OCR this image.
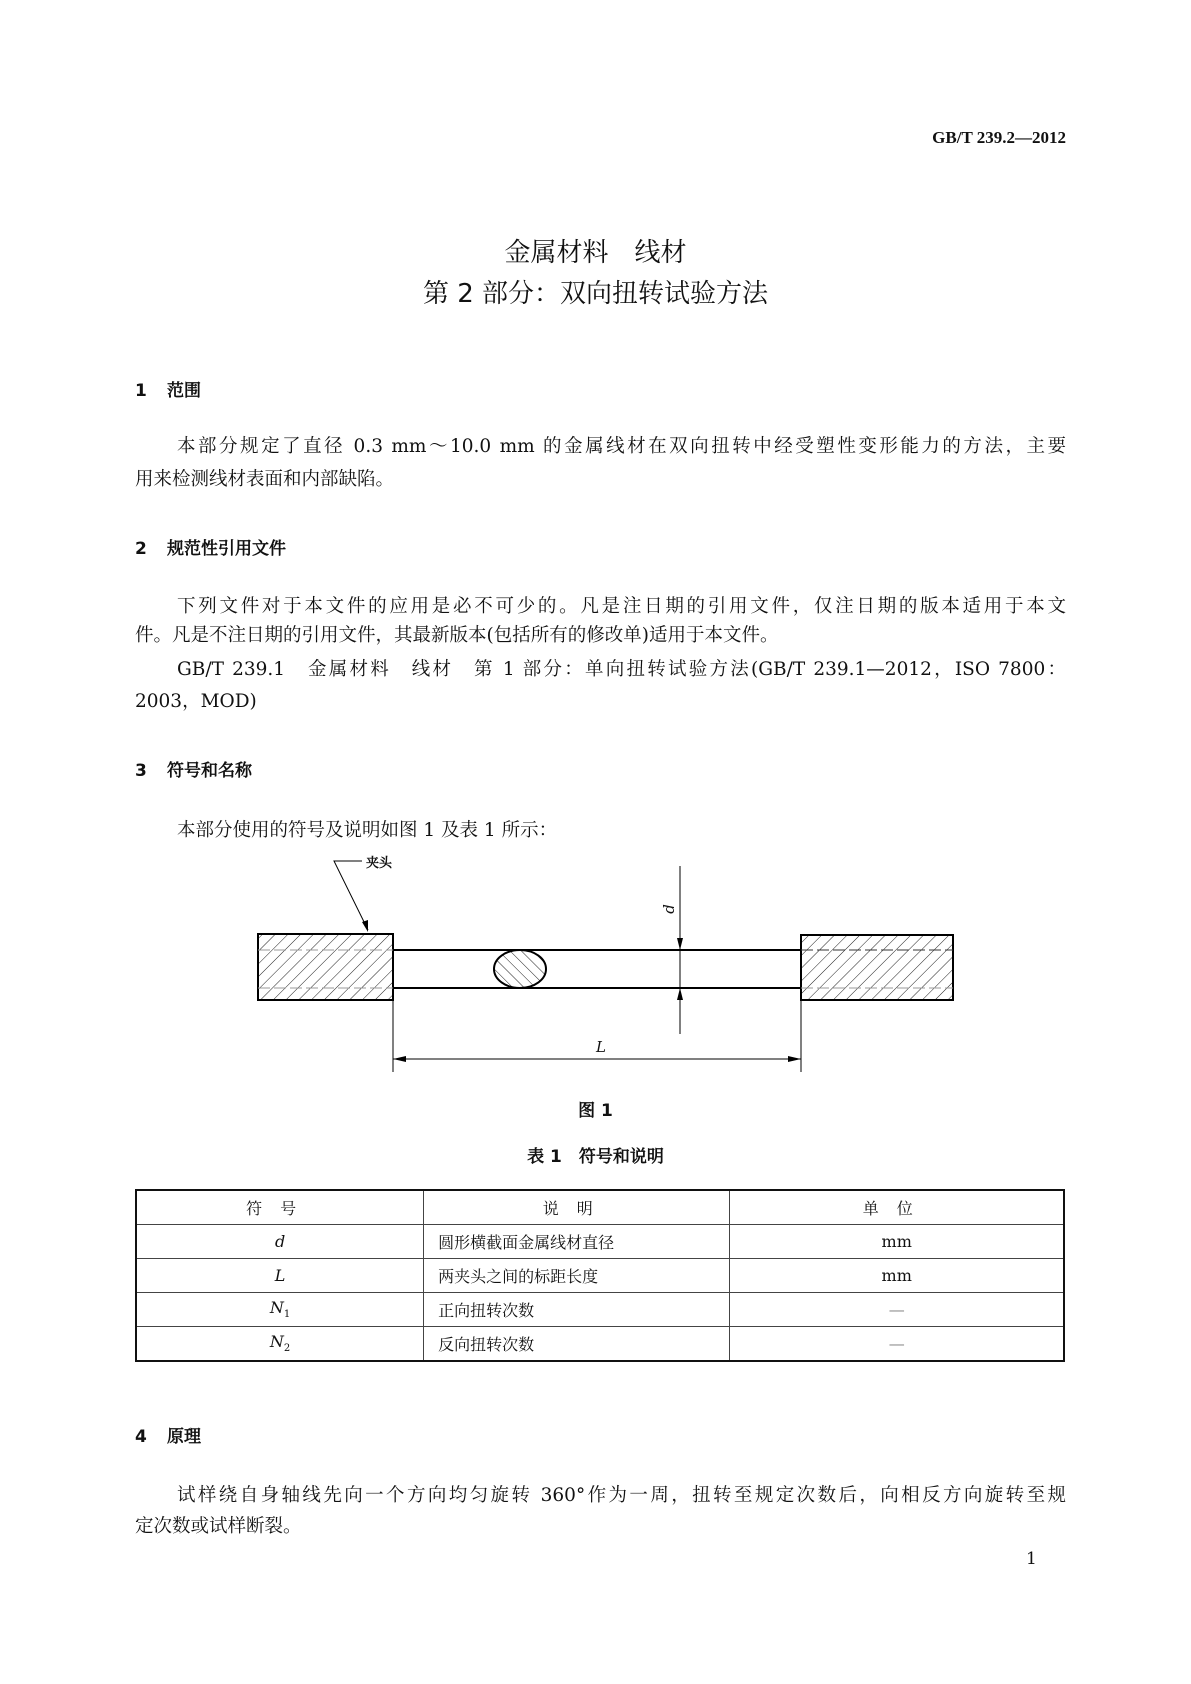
GB/T 239.2—2012
金属材料　线材
第 2 部分：双向扭转试验方法
1 范围
本部分规定了直径 0.3 mm～10.0 mm 的金属线材在双向扭转中经受塑性变形能力的方法，主要
用来检测线材表面和内部缺陷。
2 规范性引用文件
下列文件对于本文件的应用是必不可少的。凡是注日期的引用文件，仅注日期的版本适用于本文
件。凡是不注日期的引用文件，其最新版本(包括所有的修改单)适用于本文件。
GB/T 239.1　金属材料　线材　第 1 部分：单向扭转试验方法(GB/T 239.1—2012，ISO 7800：
2003，MOD)
3 符号和名称
本部分使用的符号及说明如图 1 及表 1 所示：
夹头
d
L
图 1
表 1　符号和说明
符号	说明	单位
d	圆形横截面金属线材直径	mm
L	两夹头之间的标距长度	mm
$N_1$	正向扭转次数	—
$N_2$	反向扭转次数	—
4 原理
试样绕自身轴线先向一个方向均匀旋转 360°作为一周，扭转至规定次数后，向相反方向旋转至规
定次数或试样断裂。
1
